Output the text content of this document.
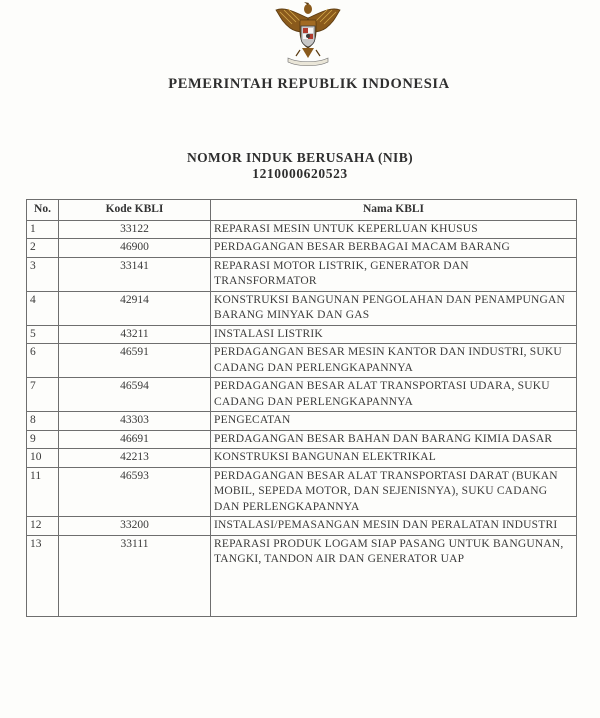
PEMERINTAH REPUBLIK INDONESIA
NOMOR INDUK BERUSAHA (NIB)
1210000620523
No.	Kode KBLI	Nama KBLI
1	33122	REPARASI MESIN UNTUK KEPERLUAN KHUSUS
2	46900	PERDAGANGAN BESAR BERBAGAI MACAM BARANG
3	33141	REPARASI MOTOR LISTRIK, GENERATOR DAN TRANSFORMATOR
4	42914	KONSTRUKSI BANGUNAN PENGOLAHAN DAN PENAMPUNGAN BARANG MINYAK DAN GAS
5	43211	INSTALASI LISTRIK
6	46591	PERDAGANGAN BESAR MESIN KANTOR DAN INDUSTRI, SUKU CADANG DAN PERLENGKAPANNYA
7	46594	PERDAGANGAN BESAR ALAT TRANSPORTASI UDARA, SUKU CADANG DAN PERLENGKAPANNYA
8	43303	PENGECATAN
9	46691	PERDAGANGAN BESAR BAHAN DAN BARANG KIMIA DASAR
10	42213	KONSTRUKSI BANGUNAN ELEKTRIKAL
11	46593	PERDAGANGAN BESAR ALAT TRANSPORTASI DARAT (BUKAN MOBIL, SEPEDA MOTOR, DAN SEJENISNYA), SUKU CADANG DAN PERLENGKAPANNYA
12	33200	INSTALASI/PEMASANGAN MESIN DAN PERALATAN INDUSTRI
13	33111	REPARASI PRODUK LOGAM SIAP PASANG UNTUK BANGUNAN, TANGKI, TANDON AIR DAN GENERATOR UAP
